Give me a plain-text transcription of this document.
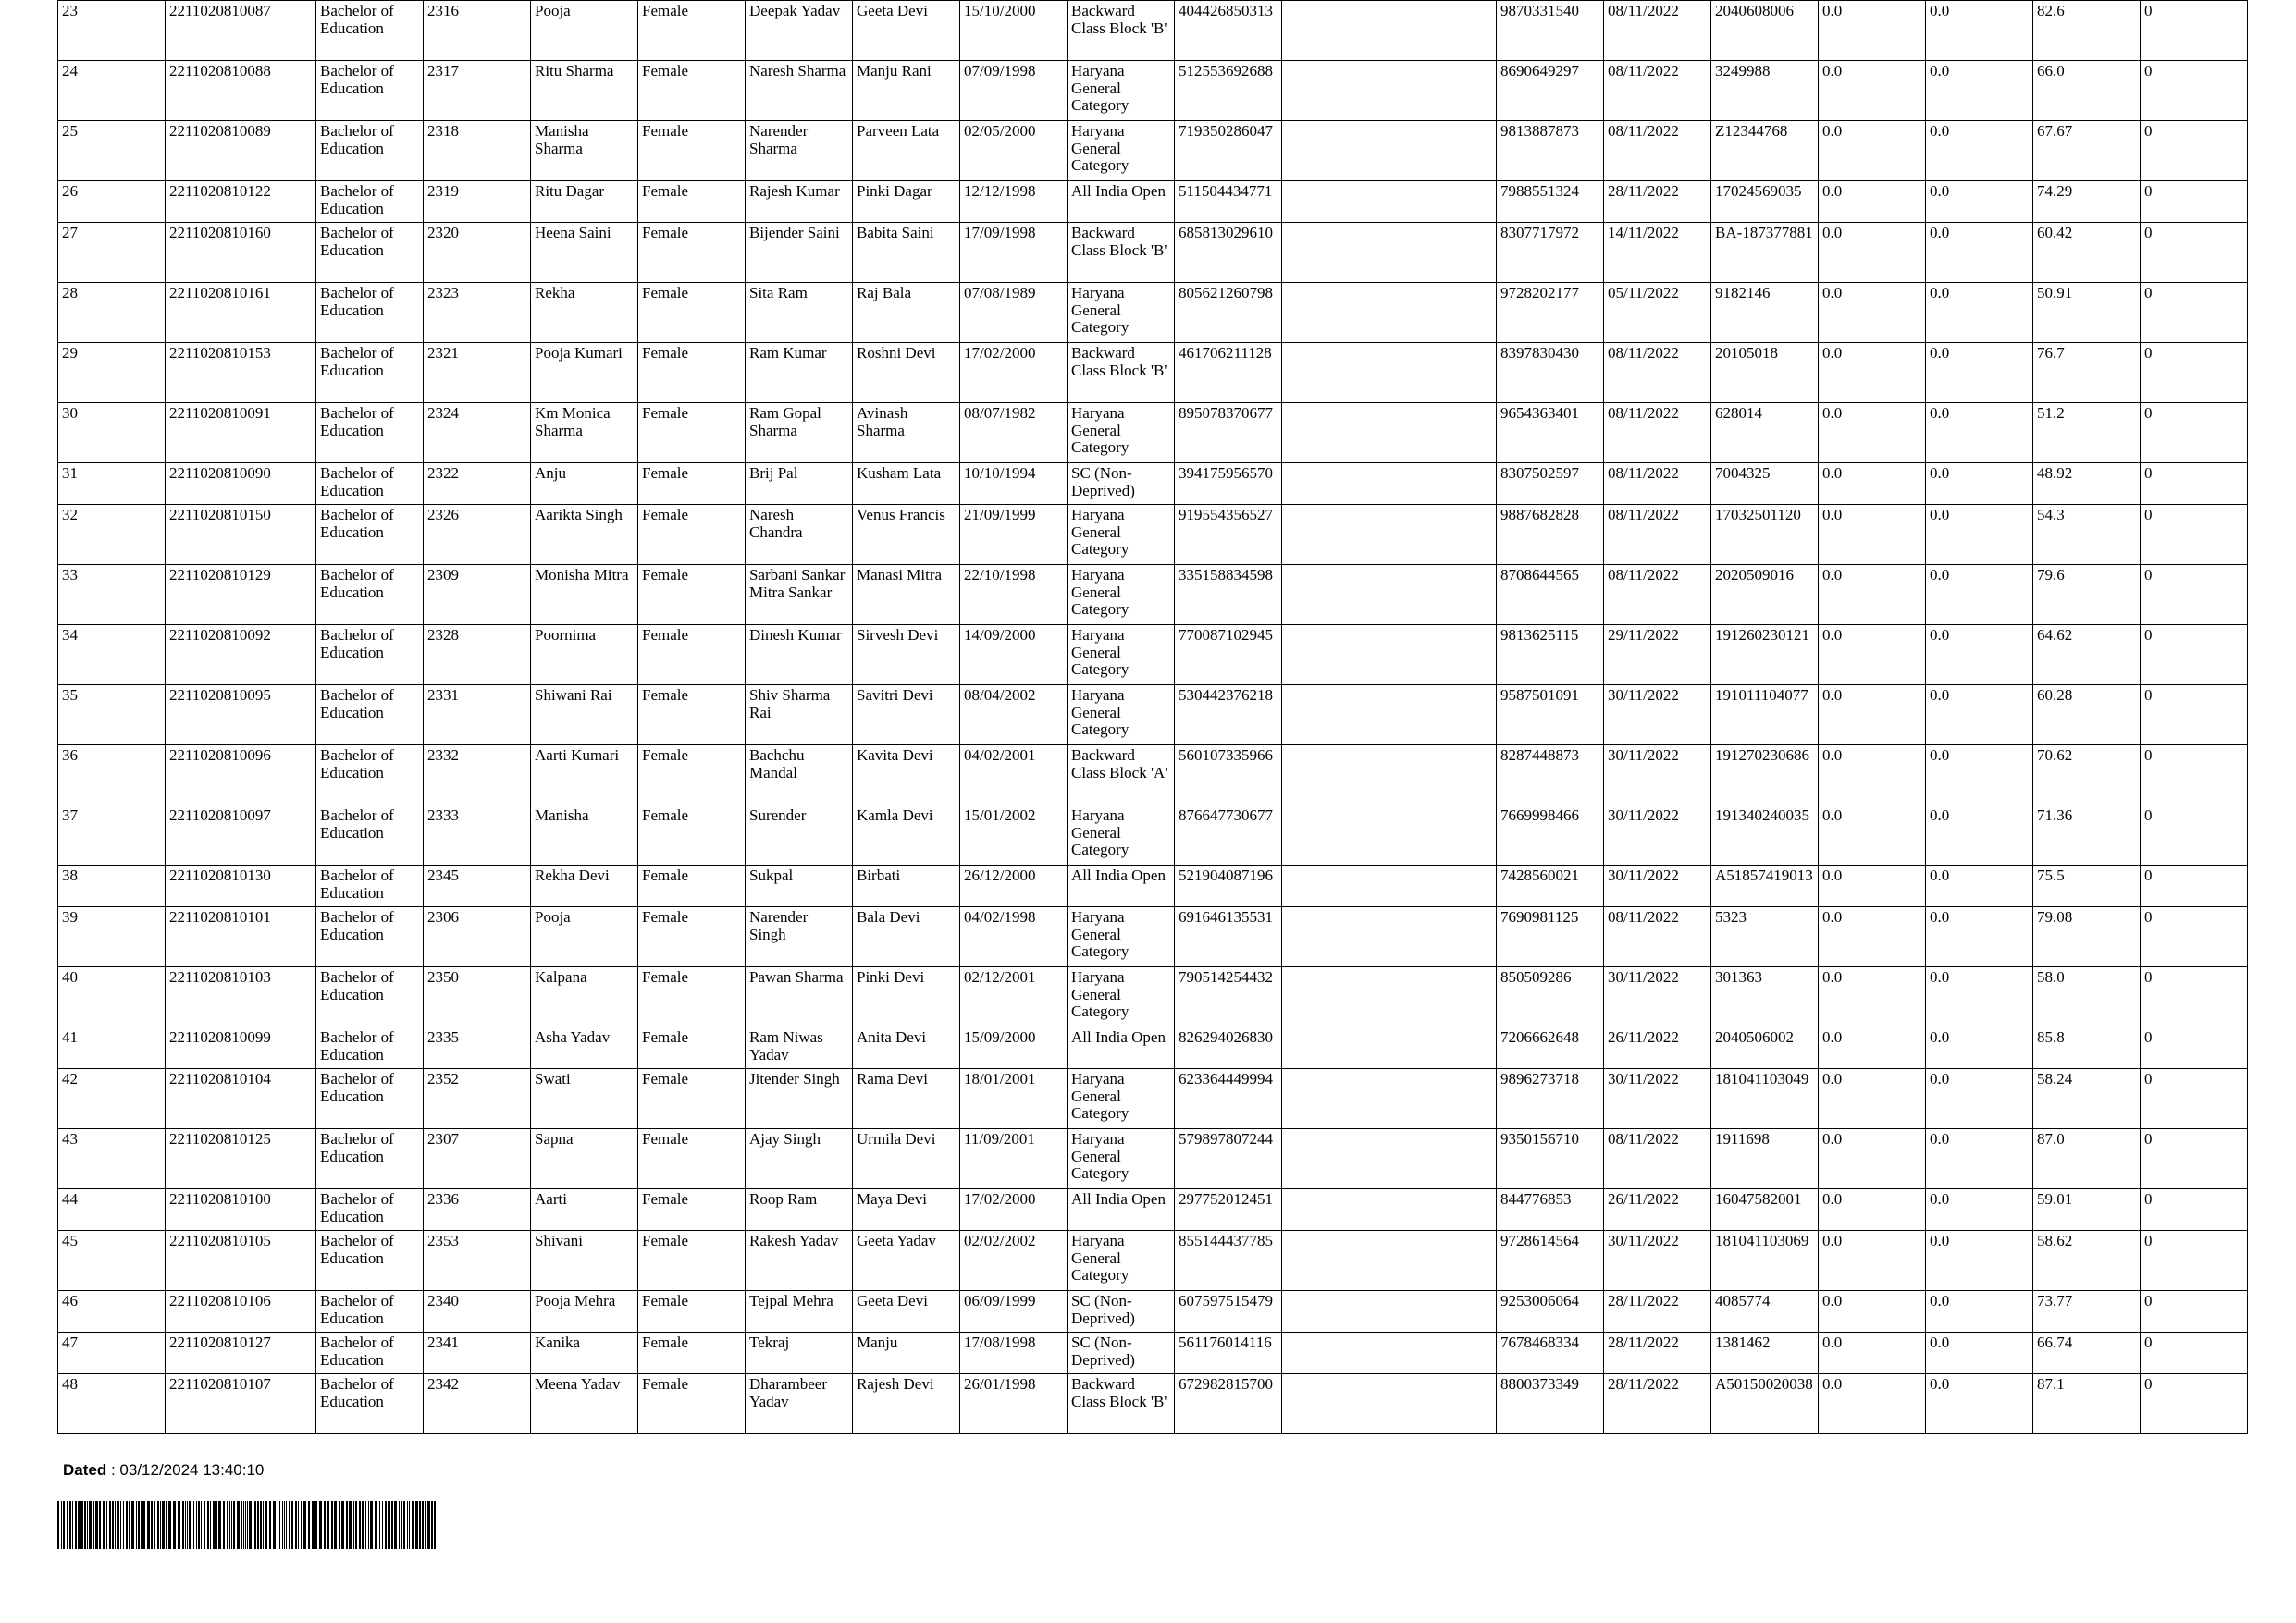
23	2211020810087	Bachelor of Education	2316	Pooja	Female	Deepak Yadav	Geeta Devi	15/10/2000	Backward Class Block 'B'	404426850313			9870331540	08/11/2022	2040608006	0.0	0.0	82.6	0
24	2211020810088	Bachelor of Education	2317	Ritu Sharma	Female	Naresh Sharma	Manju Rani	07/09/1998	Haryana General Category	512553692688			8690649297	08/11/2022	3249988	0.0	0.0	66.0	0
25	2211020810089	Bachelor of Education	2318	Manisha Sharma	Female	Narender Sharma	Parveen Lata	02/05/2000	Haryana General Category	719350286047			9813887873	08/11/2022	Z12344768	0.0	0.0	67.67	0
26	2211020810122	Bachelor of Education	2319	Ritu Dagar	Female	Rajesh Kumar	Pinki Dagar	12/12/1998	All India Open	511504434771			7988551324	28/11/2022	17024569035	0.0	0.0	74.29	0
27	2211020810160	Bachelor of Education	2320	Heena Saini	Female	Bijender Saini	Babita Saini	17/09/1998	Backward Class Block 'B'	685813029610			8307717972	14/11/2022	BA-187377881	0.0	0.0	60.42	0
28	2211020810161	Bachelor of Education	2323	Rekha	Female	Sita Ram	Raj Bala	07/08/1989	Haryana General Category	805621260798			9728202177	05/11/2022	9182146	0.0	0.0	50.91	0
29	2211020810153	Bachelor of Education	2321	Pooja Kumari	Female	Ram Kumar	Roshni Devi	17/02/2000	Backward Class Block 'B'	461706211128			8397830430	08/11/2022	20105018	0.0	0.0	76.7	0
30	2211020810091	Bachelor of Education	2324	Km Monica Sharma	Female	Ram Gopal Sharma	Avinash Sharma	08/07/1982	Haryana General Category	895078370677			9654363401	08/11/2022	628014	0.0	0.0	51.2	0
31	2211020810090	Bachelor of Education	2322	Anju	Female	Brij Pal	Kusham Lata	10/10/1994	SC (Non-Deprived)	394175956570			8307502597	08/11/2022	7004325	0.0	0.0	48.92	0
32	2211020810150	Bachelor of Education	2326	Aarikta Singh	Female	Naresh Chandra	Venus Francis	21/09/1999	Haryana General Category	919554356527			9887682828	08/11/2022	17032501120	0.0	0.0	54.3	0
33	2211020810129	Bachelor of Education	2309	Monisha Mitra	Female	Sarbani Sankar Mitra Sankar	Manasi Mitra	22/10/1998	Haryana General Category	335158834598			8708644565	08/11/2022	2020509016	0.0	0.0	79.6	0
34	2211020810092	Bachelor of Education	2328	Poornima	Female	Dinesh Kumar	Sirvesh Devi	14/09/2000	Haryana General Category	770087102945			9813625115	29/11/2022	191260230121	0.0	0.0	64.62	0
35	2211020810095	Bachelor of Education	2331	Shiwani Rai	Female	Shiv Sharma Rai	Savitri Devi	08/04/2002	Haryana General Category	530442376218			9587501091	30/11/2022	191011104077	0.0	0.0	60.28	0
36	2211020810096	Bachelor of Education	2332	Aarti Kumari	Female	Bachchu Mandal	Kavita Devi	04/02/2001	Backward Class Block 'A'	560107335966			8287448873	30/11/2022	191270230686	0.0	0.0	70.62	0
37	2211020810097	Bachelor of Education	2333	Manisha	Female	Surender	Kamla Devi	15/01/2002	Haryana General Category	876647730677			7669998466	30/11/2022	191340240035	0.0	0.0	71.36	0
38	2211020810130	Bachelor of Education	2345	Rekha Devi	Female	Sukpal	Birbati	26/12/2000	All India Open	521904087196			7428560021	30/11/2022	A51857419013	0.0	0.0	75.5	0
39	2211020810101	Bachelor of Education	2306	Pooja	Female	Narender Singh	Bala Devi	04/02/1998	Haryana General Category	691646135531			7690981125	08/11/2022	5323	0.0	0.0	79.08	0
40	2211020810103	Bachelor of Education	2350	Kalpana	Female	Pawan Sharma	Pinki Devi	02/12/2001	Haryana General Category	790514254432			850509286	30/11/2022	301363	0.0	0.0	58.0	0
41	2211020810099	Bachelor of Education	2335	Asha Yadav	Female	Ram Niwas Yadav	Anita Devi	15/09/2000	All India Open	826294026830			7206662648	26/11/2022	2040506002	0.0	0.0	85.8	0
42	2211020810104	Bachelor of Education	2352	Swati	Female	Jitender Singh	Rama Devi	18/01/2001	Haryana General Category	623364449994			9896273718	30/11/2022	181041103049	0.0	0.0	58.24	0
43	2211020810125	Bachelor of Education	2307	Sapna	Female	Ajay Singh	Urmila Devi	11/09/2001	Haryana General Category	579897807244			9350156710	08/11/2022	1911698	0.0	0.0	87.0	0
44	2211020810100	Bachelor of Education	2336	Aarti	Female	Roop Ram	Maya Devi	17/02/2000	All India Open	297752012451			844776853	26/11/2022	16047582001	0.0	0.0	59.01	0
45	2211020810105	Bachelor of Education	2353	Shivani	Female	Rakesh Yadav	Geeta Yadav	02/02/2002	Haryana General Category	855144437785			9728614564	30/11/2022	181041103069	0.0	0.0	58.62	0
46	2211020810106	Bachelor of Education	2340	Pooja Mehra	Female	Tejpal Mehra	Geeta Devi	06/09/1999	SC (Non-Deprived)	607597515479			9253006064	28/11/2022	4085774	0.0	0.0	73.77	0
47	2211020810127	Bachelor of Education	2341	Kanika	Female	Tekraj	Manju	17/08/1998	SC (Non-Deprived)	561176014116			7678468334	28/11/2022	1381462	0.0	0.0	66.74	0
48	2211020810107	Bachelor of Education	2342	Meena Yadav	Female	Dharambeer Yadav	Rajesh Devi	26/01/1998	Backward Class Block 'B'	672982815700			8800373349	28/11/2022	A50150020038	0.0	0.0	87.1	0
Dated : 03/12/2024 13:40:10
